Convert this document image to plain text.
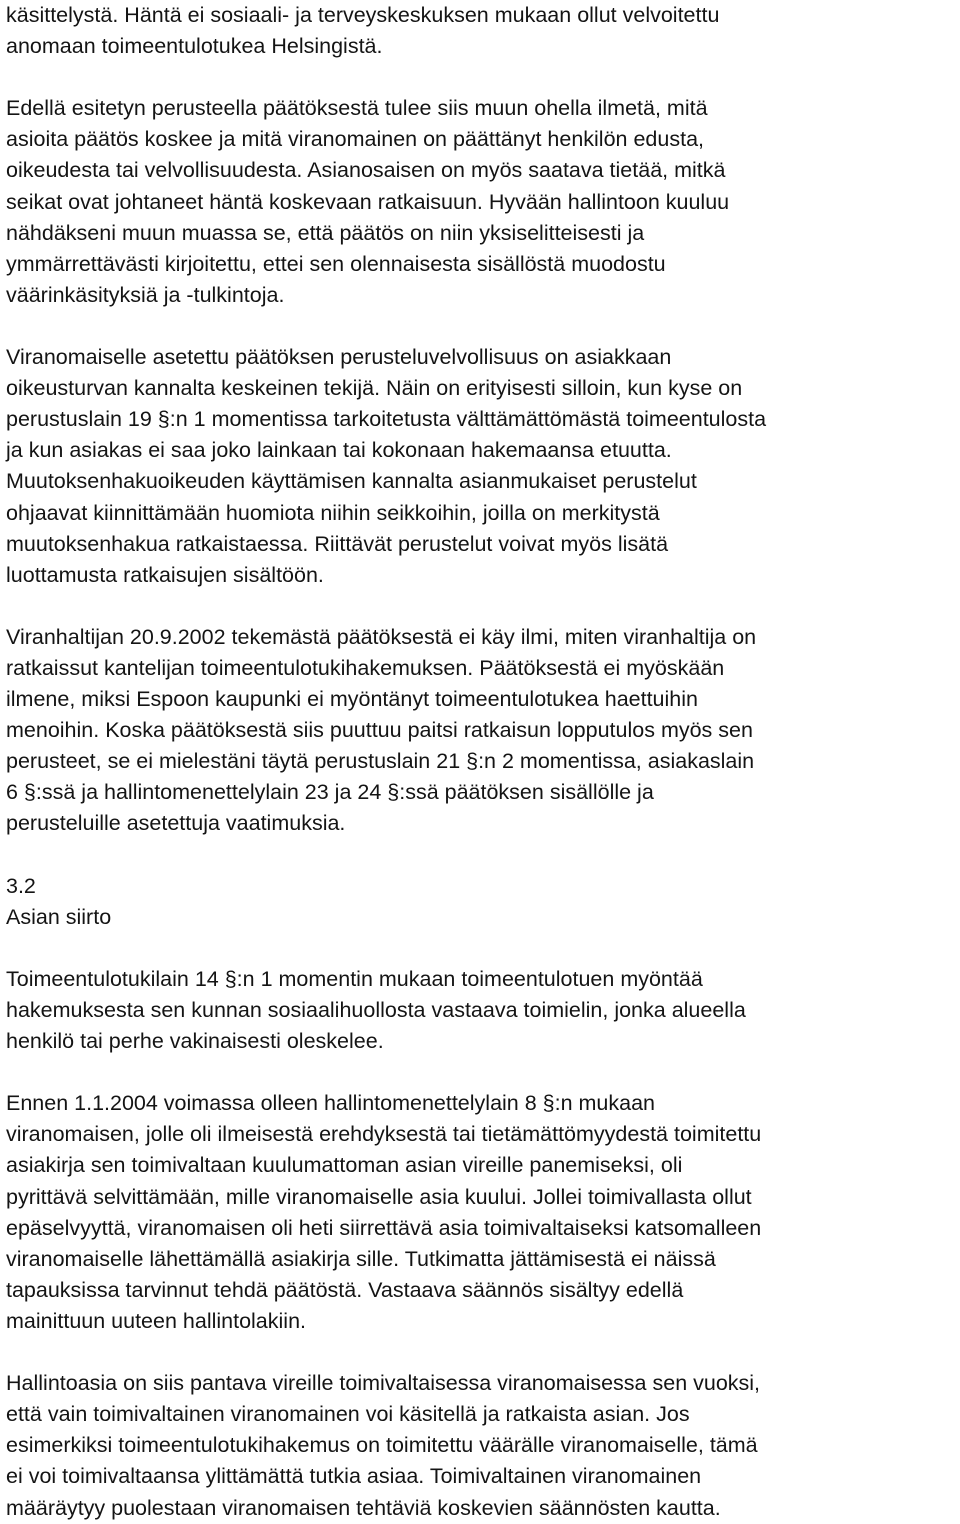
käsittelystä. Häntä ei sosiaali- ja terveyskeskuksen mukaan ollut velvoitettu
anomaan toimeentulotukea Helsingistä.

Edellä esitetyn perusteella päätöksestä tulee siis muun ohella ilmetä, mitä
asioita päätös koskee ja mitä viranomainen on päättänyt henkilön edusta,
oikeudesta tai velvollisuudesta. Asianosaisen on myös saatava tietää, mitkä
seikat ovat johtaneet häntä koskevaan ratkaisuun. Hyvään hallintoon kuuluu
nähdäkseni muun muassa se, että päätös on niin yksiselitteisesti ja
ymmärrettävästi kirjoitettu, ettei sen olennaisesta sisällöstä muodostu
väärinkäsityksiä ja -tulkintoja.

Viranomaiselle asetettu päätöksen perusteluvelvollisuus on asiakkaan
oikeusturvan kannalta keskeinen tekijä. Näin on erityisesti silloin, kun kyse on
perustuslain 19 §:n 1 momentissa tarkoitetusta välttämättömästä toimeentulosta
ja kun asiakas ei saa joko lainkaan tai kokonaan hakemaansa etuutta.
Muutoksenhakuoikeuden käyttämisen kannalta asianmukaiset perustelut
ohjaavat kiinnittämään huomiota niihin seikkoihin, joilla on merkitystä
muutoksenhakua ratkaistaessa. Riittävät perustelut voivat myös lisätä
luottamusta ratkaisujen sisältöön.

Viranhaltijan 20.9.2002 tekemästä päätöksestä ei käy ilmi, miten viranhaltija on
ratkaissut kantelijan toimeentulotukihakemuksen. Päätöksestä ei myöskään
ilmene, miksi Espoon kaupunki ei myöntänyt toimeentulotukea haettuihin
menoihin. Koska päätöksestä siis puuttuu paitsi ratkaisun lopputulos myös sen
perusteet, se ei mielestäni täytä perustuslain 21 §:n 2 momentissa, asiakaslain
6 §:ssä ja hallintomenettelylain 23 ja 24 §:ssä päätöksen sisällölle ja
perusteluille asetettuja vaatimuksia.

3.2
Asian siirto

Toimeentulotukilain 14 §:n 1 momentin mukaan toimeentulotuen myöntää
hakemuksesta sen kunnan sosiaalihuollosta vastaava toimielin, jonka alueella
henkilö tai perhe vakinaisesti oleskelee.

Ennen 1.1.2004 voimassa olleen hallintomenettelylain 8 §:n mukaan
viranomaisen, jolle oli ilmeisestä erehdyksestä tai tietämättömyydestä toimitettu
asiakirja sen toimivaltaan kuulumattoman asian vireille panemiseksi, oli
pyrittävä selvittämään, mille viranomaiselle asia kuului. Jollei toimivallasta ollut
epäselvyyttä, viranomaisen oli heti siirrettävä asia toimivaltaiseksi katsomalleen
viranomaiselle lähettämällä asiakirja sille. Tutkimatta jättämisestä ei näissä
tapauksissa tarvinnut tehdä päätöstä. Vastaava säännös sisältyy edellä
mainittuun uuteen hallintolakiin.

Hallintoasia on siis pantava vireille toimivaltaisessa viranomaisessa sen vuoksi,
että vain toimivaltainen viranomainen voi käsitellä ja ratkaista asian. Jos
esimerkiksi toimeentulotukihakemus on toimitettu väärälle viranomaiselle, tämä
ei voi toimivaltaansa ylittämättä tutkia asiaa. Toimivaltainen viranomainen
määräytyy puolestaan viranomaisen tehtäviä koskevien säännösten kautta.
